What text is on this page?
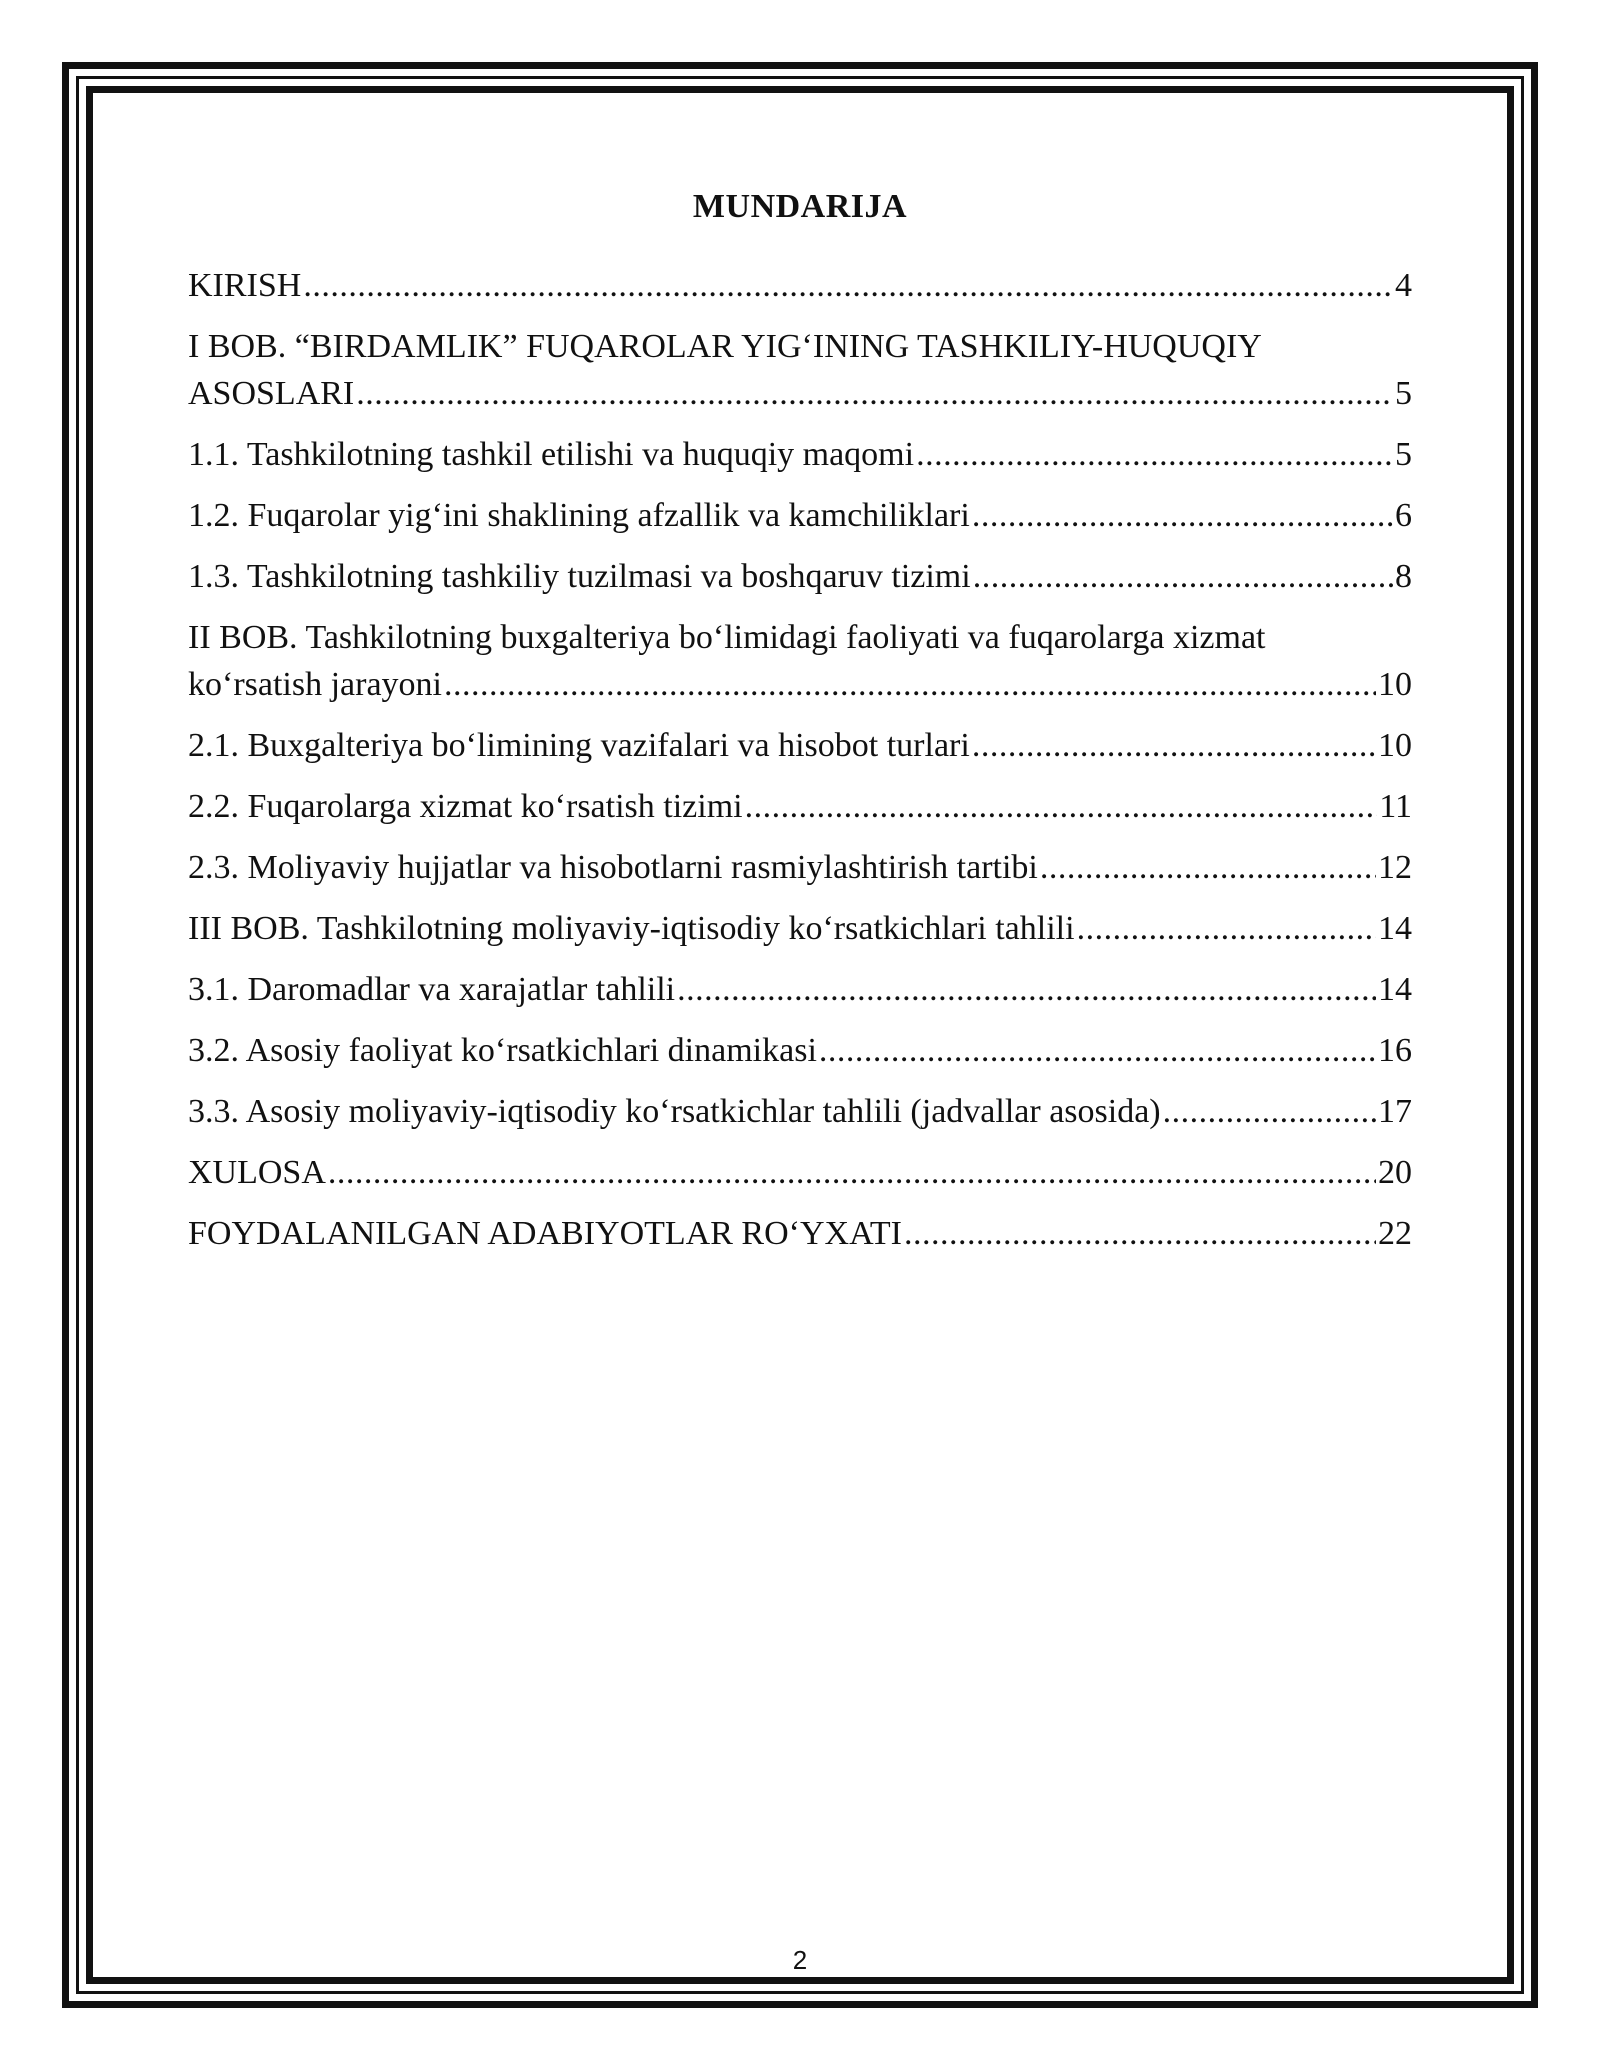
MUNDARIJA
KIRISH .....	4
I BOB. “BIRDAMLIK” FUQAROLAR YIG‘INING TASHKILIY-HUQUQIY
ASOSLARI .....	5
1.1. Tashkilotning tashkil etilishi va huquqiy maqomi .....	5
1.2. Fuqarolar yig‘ini shaklining afzallik va kamchiliklari .....	6
1.3. Tashkilotning tashkiliy tuzilmasi va boshqaruv tizimi .....	8
II BOB. Tashkilotning buxgalteriya bo‘limidagi faoliyati va fuqarolarga xizmat
ko‘rsatish jarayoni .....	10
2.1. Buxgalteriya bo‘limining vazifalari va hisobot turlari .....	10
2.2. Fuqarolarga xizmat ko‘rsatish tizimi .....	11
2.3. Moliyaviy hujjatlar va hisobotlarni rasmiylashtirish tartibi .....	12
III BOB. Tashkilotning moliyaviy-iqtisodiy ko‘rsatkichlari tahlili .....	14
3.1. Daromadlar va xarajatlar tahlili .....	14
3.2. Asosiy faoliyat ko‘rsatkichlari dinamikasi .....	16
3.3. Asosiy moliyaviy-iqtisodiy ko‘rsatkichlar tahlili (jadvallar asosida) .....	17
XULOSA .....	20
FOYDALANILGAN ADABIYOTLAR RO‘YXATI .....	22
2
